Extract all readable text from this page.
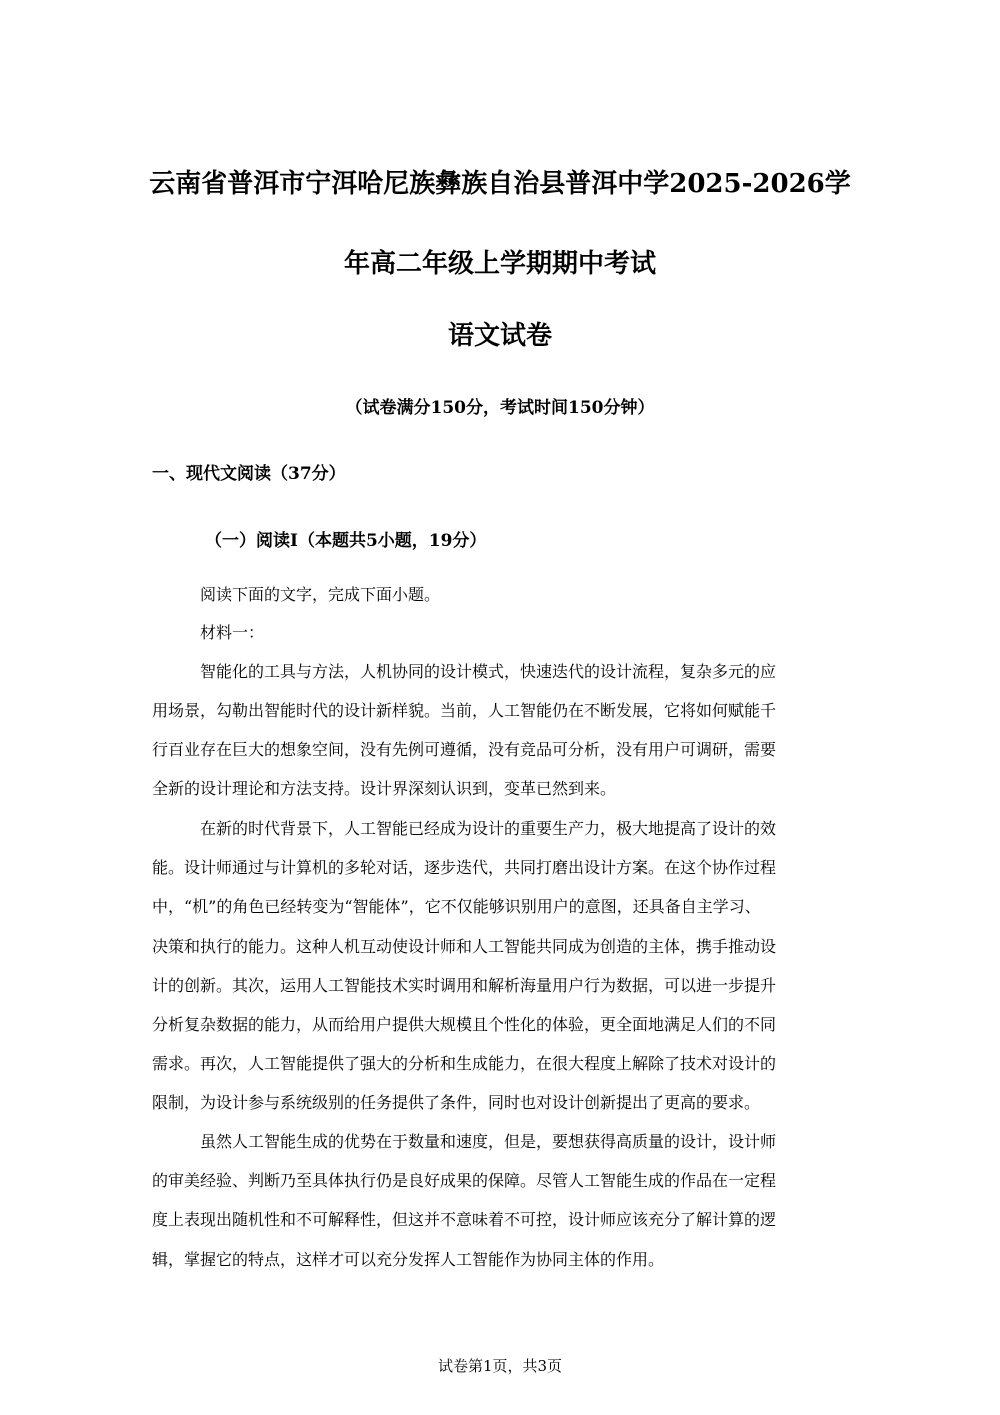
云南省普洱市宁洱哈尼族彝族自治县普洱中学2025-2026学
年高二年级上学期期中考试
语文试卷
（试卷满分150分，考试时间150分钟）
一、现代文阅读（37分）
（一）阅读Ⅰ（本题共5小题，19分）
阅读下面的文字，完成下面小题。
材料一：
智能化的工具与方法，人机协同的设计模式，快速迭代的设计流程，复杂多元的应
用场景，勾勒出智能时代的设计新样貌。当前，人工智能仍在不断发展，它将如何赋能千
行百业存在巨大的想象空间，没有先例可遵循，没有竞品可分析，没有用户可调研，需要
全新的设计理论和方法支持。设计界深刻认识到，变革已然到来。
在新的时代背景下，人工智能已经成为设计的重要生产力，极大地提高了设计的效
能。设计师通过与计算机的多轮对话，逐步迭代，共同打磨出设计方案。在这个协作过程
中，“机”的角色已经转变为“智能体”，它不仅能够识别用户的意图，还具备自主学习、
决策和执行的能力。这种人机互动使设计师和人工智能共同成为创造的主体，携手推动设
计的创新。其次，运用人工智能技术实时调用和解析海量用户行为数据，可以进一步提升
分析复杂数据的能力，从而给用户提供大规模且个性化的体验，更全面地满足人们的不同
需求。再次，人工智能提供了强大的分析和生成能力，在很大程度上解除了技术对设计的
限制，为设计参与系统级别的任务提供了条件，同时也对设计创新提出了更高的要求。
虽然人工智能生成的优势在于数量和速度，但是，要想获得高质量的设计，设计师
的审美经验、判断乃至具体执行仍是良好成果的保障。尽管人工智能生成的作品在一定程
度上表现出随机性和不可解释性，但这并不意味着不可控，设计师应该充分了解计算的逻
辑，掌握它的特点，这样才可以充分发挥人工智能作为协同主体的作用。
试卷第1页，共3页
